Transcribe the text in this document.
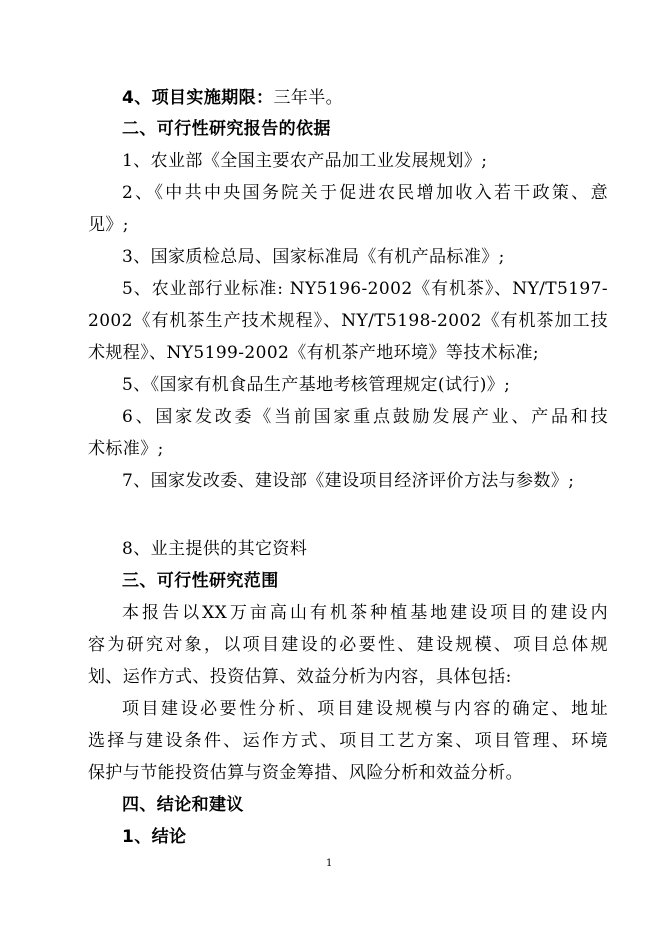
4、项目实施期限：三年半。
二、可行性研究报告的依据
1、农业部《全国主要农产品加工业发展规划》;
2、《中共中央国务院关于促进农民增加收入若干政策、意
见》;
3、国家质检总局、国家标准局《有机产品标准》;
5、农业部行业标准: NY5196-2002《有机茶》、NY/T5197-
2002《有机茶生产技术规程》、NY/T5198-2002《有机茶加工技
术规程》、NY5199-2002《有机茶产地环境》等技术标准;
5、《国家有机食品生产基地考核管理规定(试行)》;
6、国家发改委《当前国家重点鼓励发展产业、产品和技
术标准》;
7、国家发改委、建设部《建设项目经济评价方法与参数》;
8、业主提供的其它资料
三、可行性研究范围
本报告以XX万亩高山有机茶种植基地建设项目的建设内
容为研究对象，以项目建设的必要性、建设规模、项目总体规
划、运作方式、投资估算、效益分析为内容，具体包括:
项目建设必要性分析、项目建设规模与内容的确定、地址
选择与建设条件、运作方式、项目工艺方案、项目管理、环境
保护与节能投资估算与资金筹措、风险分析和效益分析。
四、结论和建议
1、结论
1
